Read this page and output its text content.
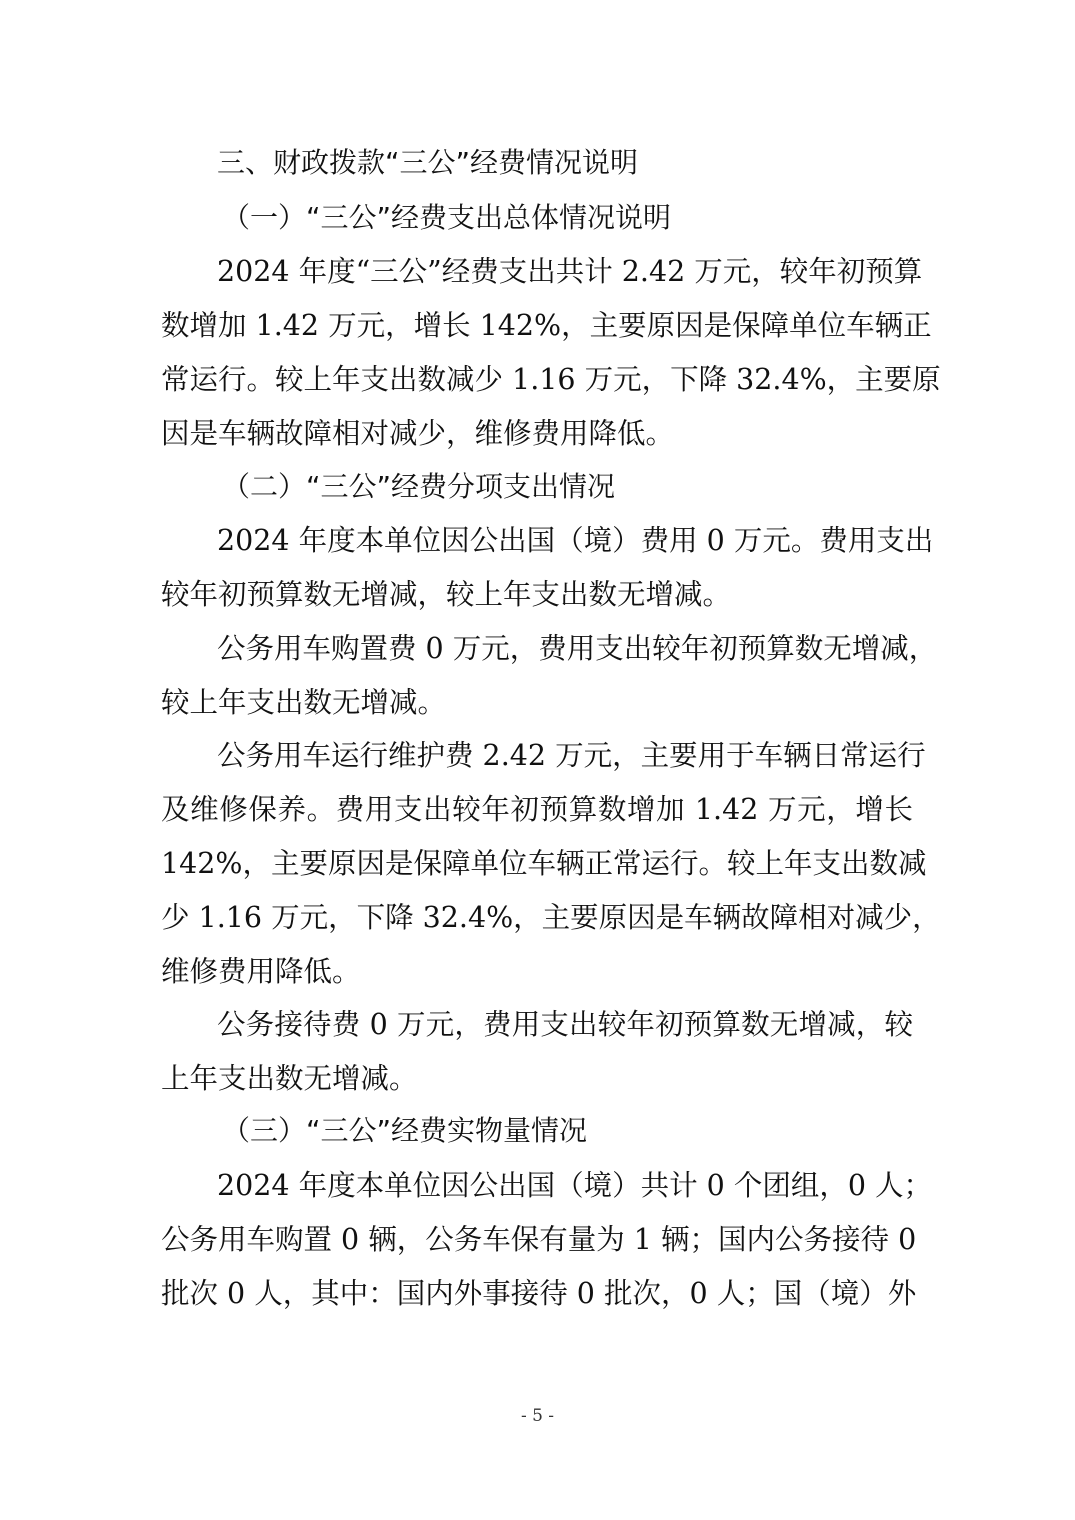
三、财政拨款“三公”经费情况说明
（一）“三公”经费支出总体情况说明
2024 年度“三公”经费支出共计 2.42 万元，较年初预算
数增加 1.42 万元，增长 142%，主要原因是保障单位车辆正
常运行。较上年支出数减少 1.16 万元，下降 32.4%，主要原
因是车辆故障相对减少，维修费用降低。
（二）“三公”经费分项支出情况
2024 年度本单位因公出国（境）费用 0 万元。费用支出
较年初预算数无增减，较上年支出数无增减。
公务用车购置费 0 万元，费用支出较年初预算数无增减，
较上年支出数无增减。
公务用车运行维护费 2.42 万元，主要用于车辆日常运行
及维修保养。费用支出较年初预算数增加 1.42 万元，增长
142%，主要原因是保障单位车辆正常运行。较上年支出数减
少 1.16 万元，下降 32.4%，主要原因是车辆故障相对减少，
维修费用降低。
公务接待费 0 万元，费用支出较年初预算数无增减，较
上年支出数无增减。
（三）“三公”经费实物量情况
2024 年度本单位因公出国（境）共计 0 个团组，0 人；
公务用车购置 0 辆，公务车保有量为 1 辆；国内公务接待 0
批次 0 人，其中：国内外事接待 0 批次，0 人；国（境）外
- 5 -
